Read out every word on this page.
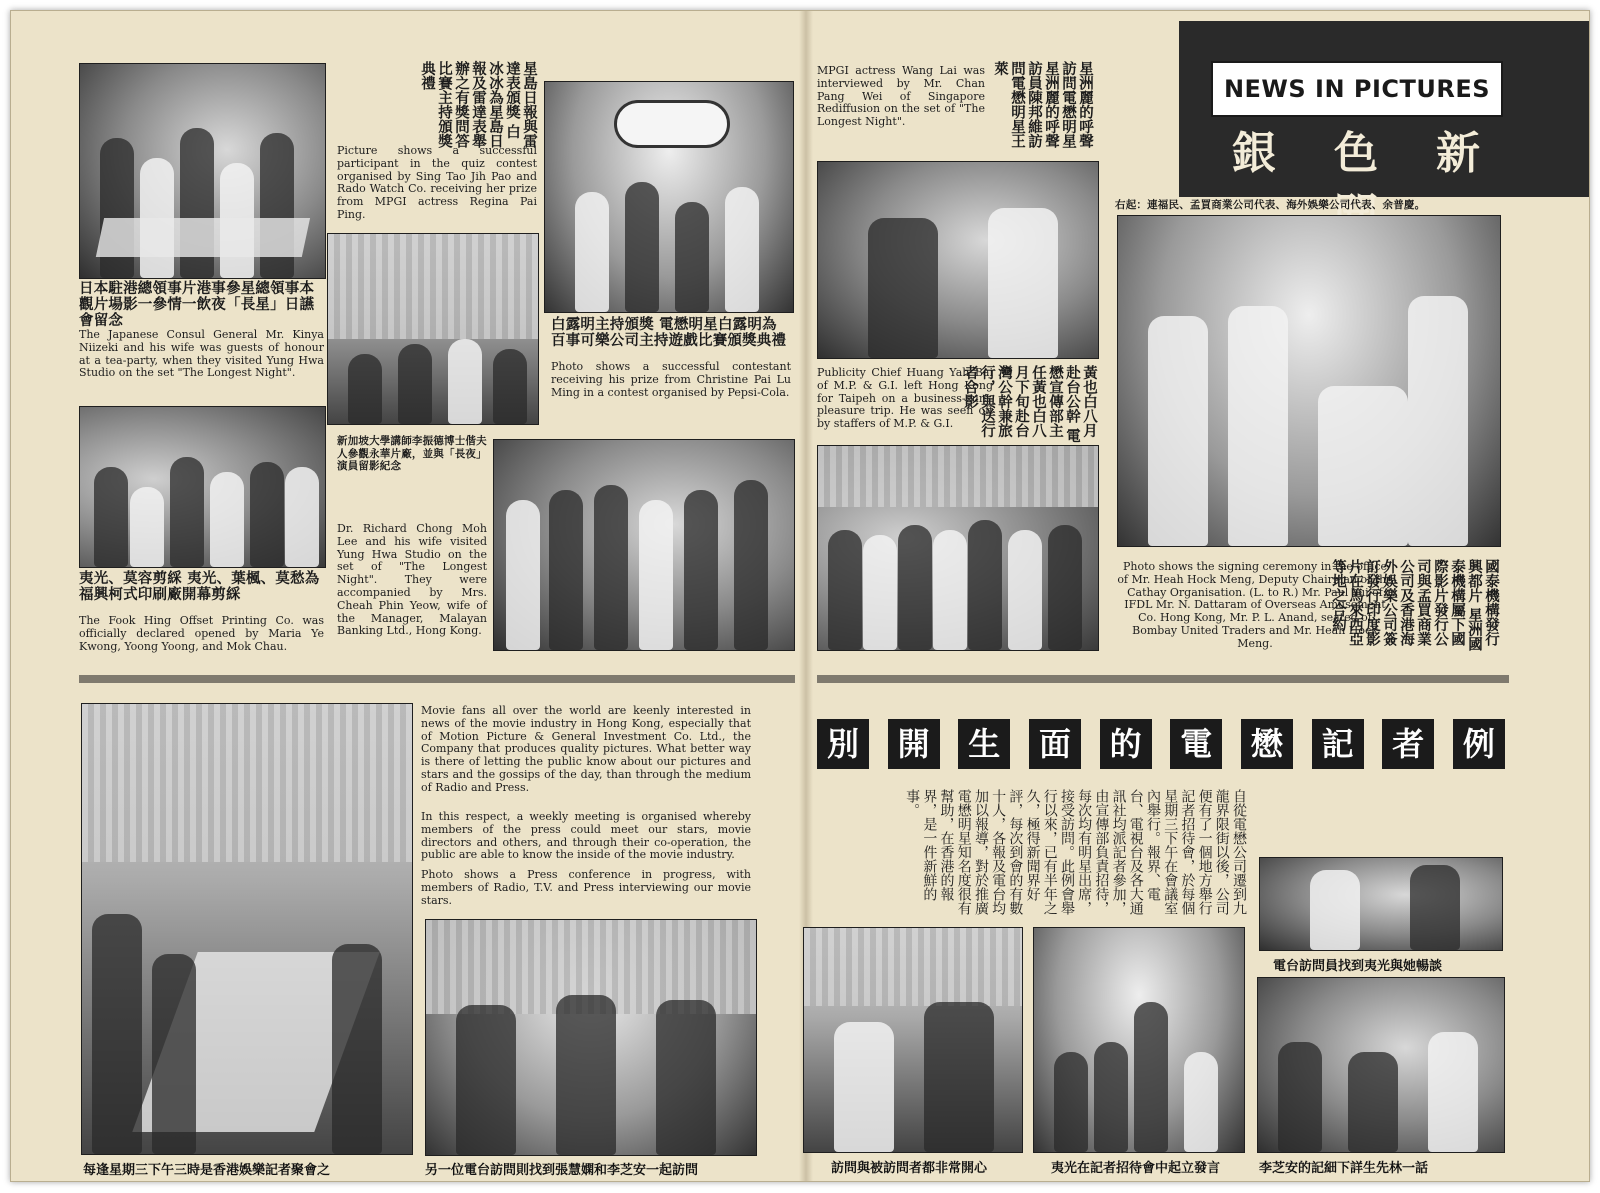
日本駐港總領事片港事參星總領事本觀片場影一參情一飲夜「長星」日讌會留念
The Japanese Consul General Mr. Kinya Niizeki and his wife was guests of honour at a tea-party, when they visited Yung Hwa Studio on the set "The Longest Night".
星島日報與雷達表頒獎 白冰冰為星島日報及雷達表舉辦之有獎問答比賽主持頒獎典禮
Picture shows a successful participant in the quiz contest organised by Sing Tao Jih Pao and Rado Watch Co. receiving her prize from MPGI actress Regina Pai Ping.
白露明主持頒獎 電懋明星白露明為百事可樂公司主持遊戲比賽頒獎典禮
Photo shows a successful contestant receiving his prize from Christine Pai Lu Ming in a contest organised by Pepsi-Cola.
夷光、莫容剪綵 夷光、葉楓、莫愁為福興柯式印刷廠開幕剪綵
The Fook Hing Offset Printing Co. was officially declared opened by Maria Ye Kwong, Yoong Yoong, and Mok Chau.
新加坡大學講師李振德博士偕夫人參觀永華片廠，並與「長夜」演員留影紀念
Dr. Richard Chong Moh Lee and his wife visited Yung Hwa Studio on the set of "The Longest Night". They were accompanied by Mrs. Cheah Phin Yeow, wife of the Manager, Malayan Banking Ltd., Hong Kong.
每逢星期三下午三時是香港娛樂記者聚會之
Movie fans all over the world are keenly interested in news of the movie industry in Hong Kong, especially that of Motion Picture & General Investment Co. Ltd., the Company that produces quality pictures. What better way is there of letting the public know about our pictures and stars and the gossips of the day, than through the medium of Radio and Press.
In this respect, a weekly meeting is organised whereby members of the press could meet our stars, movie directors and others, and through their co-operation, the public are able to know the inside of the movie industry.
Photo shows a Press conference in progress, with members of Radio, T.V. and Press interviewing our movie stars.
另一位電台訪問則找到張慧嫻和李芝安一起訪問
NEWS IN PICTURES
銀色新
MPGI actress Wang Lai was interviewed by Mr. Chan Pang Wei of Singapore Rediffusion on the set of "The Longest Night".	星洲麗的呼聲訪問電懋明星 星洲麗的呼聲訪員陳邦維訪問電懋明星王萊
Publicity Chief Huang Yah Bai of M.P. & G.I. left Hong Kong for Taipeh on a business-cum-pleasure trip. He was seen off by staffers of M.P. & G.I.	黃也白八月赴台公幹 電懋宣傳部主任黃也白八月下旬赴台灣公幹兼旅行，與送行者合影
右起：連福民、孟買商業公司代表、海外娛樂公司代表、余普慶。
Photo shows the signing ceremony in the office of Mr. Heah Hock Meng, Deputy Chairman of the Cathay Organisation. (L. to R.) Mr. Paul Yui of IFDL Mr. N. Dattaram of Overseas Amusement Co. Hong Kong, Mr. P. L. Anand, seated of Bombay United Traders and Mr. Heah Hock Meng.	國泰機構發行興都片 星洲國泰機構屬下國際影片發行公司與孟買商業公司及香港海外娛樂公司簽訂發行印度影片在馬來西亞等地之合約
別	開	生	面	的	電	懋	記	者	例
自從電懋公司遷到九龍界限街以後，公司便有了一個地方舉行記者招待會，於每個星期三下午在會議室內舉行。報界、電台、電視台及各大通訊社均派記者參加，由宣傳部負責招待，每次均有明星出席，接受訪問。此例會舉行以來，已有半年之久，極得新聞界好評，每次到會的有數十人，各報及電台均加以報導，對於推廣電懋明星知名度很有幫助，在香港的報界，是一件新鮮的事。
電台訪問員找到夷光與她暢談
訪問與被訪問者都非常開心	夷光在記者招待會中起立發言	李芝安的記細下詳生先林一話
